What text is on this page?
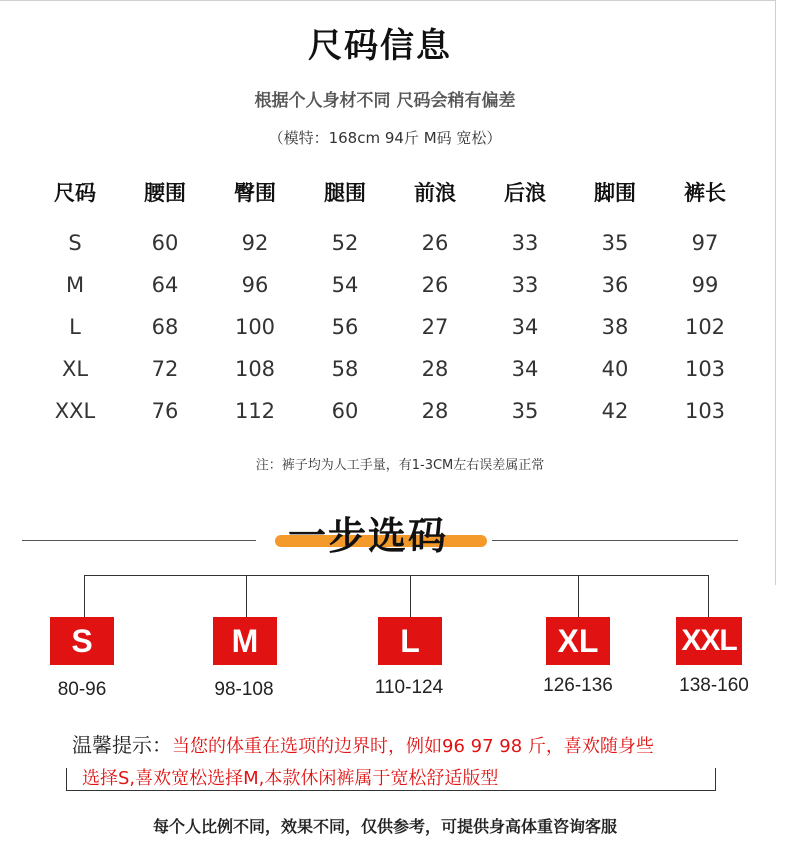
尺码信息
根据个人身材不同 尺码会稍有偏差
（模特：168cm 94斤 M码 宽松）
尺码	腰围	臀围	腿围	前浪	后浪	脚围	裤长
S	60	92	52	26	33	35	97
M	64	96	54	26	33	36	99
L	68	100	56	27	34	38	102
XL	72	108	58	28	34	40	103
XXL	76	112	60	28	35	42	103
注：裤子均为人工手量，有1-3CM左右误差属正常
一步选码
S	M	L	XL	XXL
80-96	98-108	110-124	126-136	138-160
温馨提示：当您的体重在选项的边界时，例如96 97 98 斤，喜欢随身些
选择S,喜欢宽松选择M,本款休闲裤属于宽松舒适版型
每个人比例不同，效果不同，仅供参考，可提供身高体重咨询客服
